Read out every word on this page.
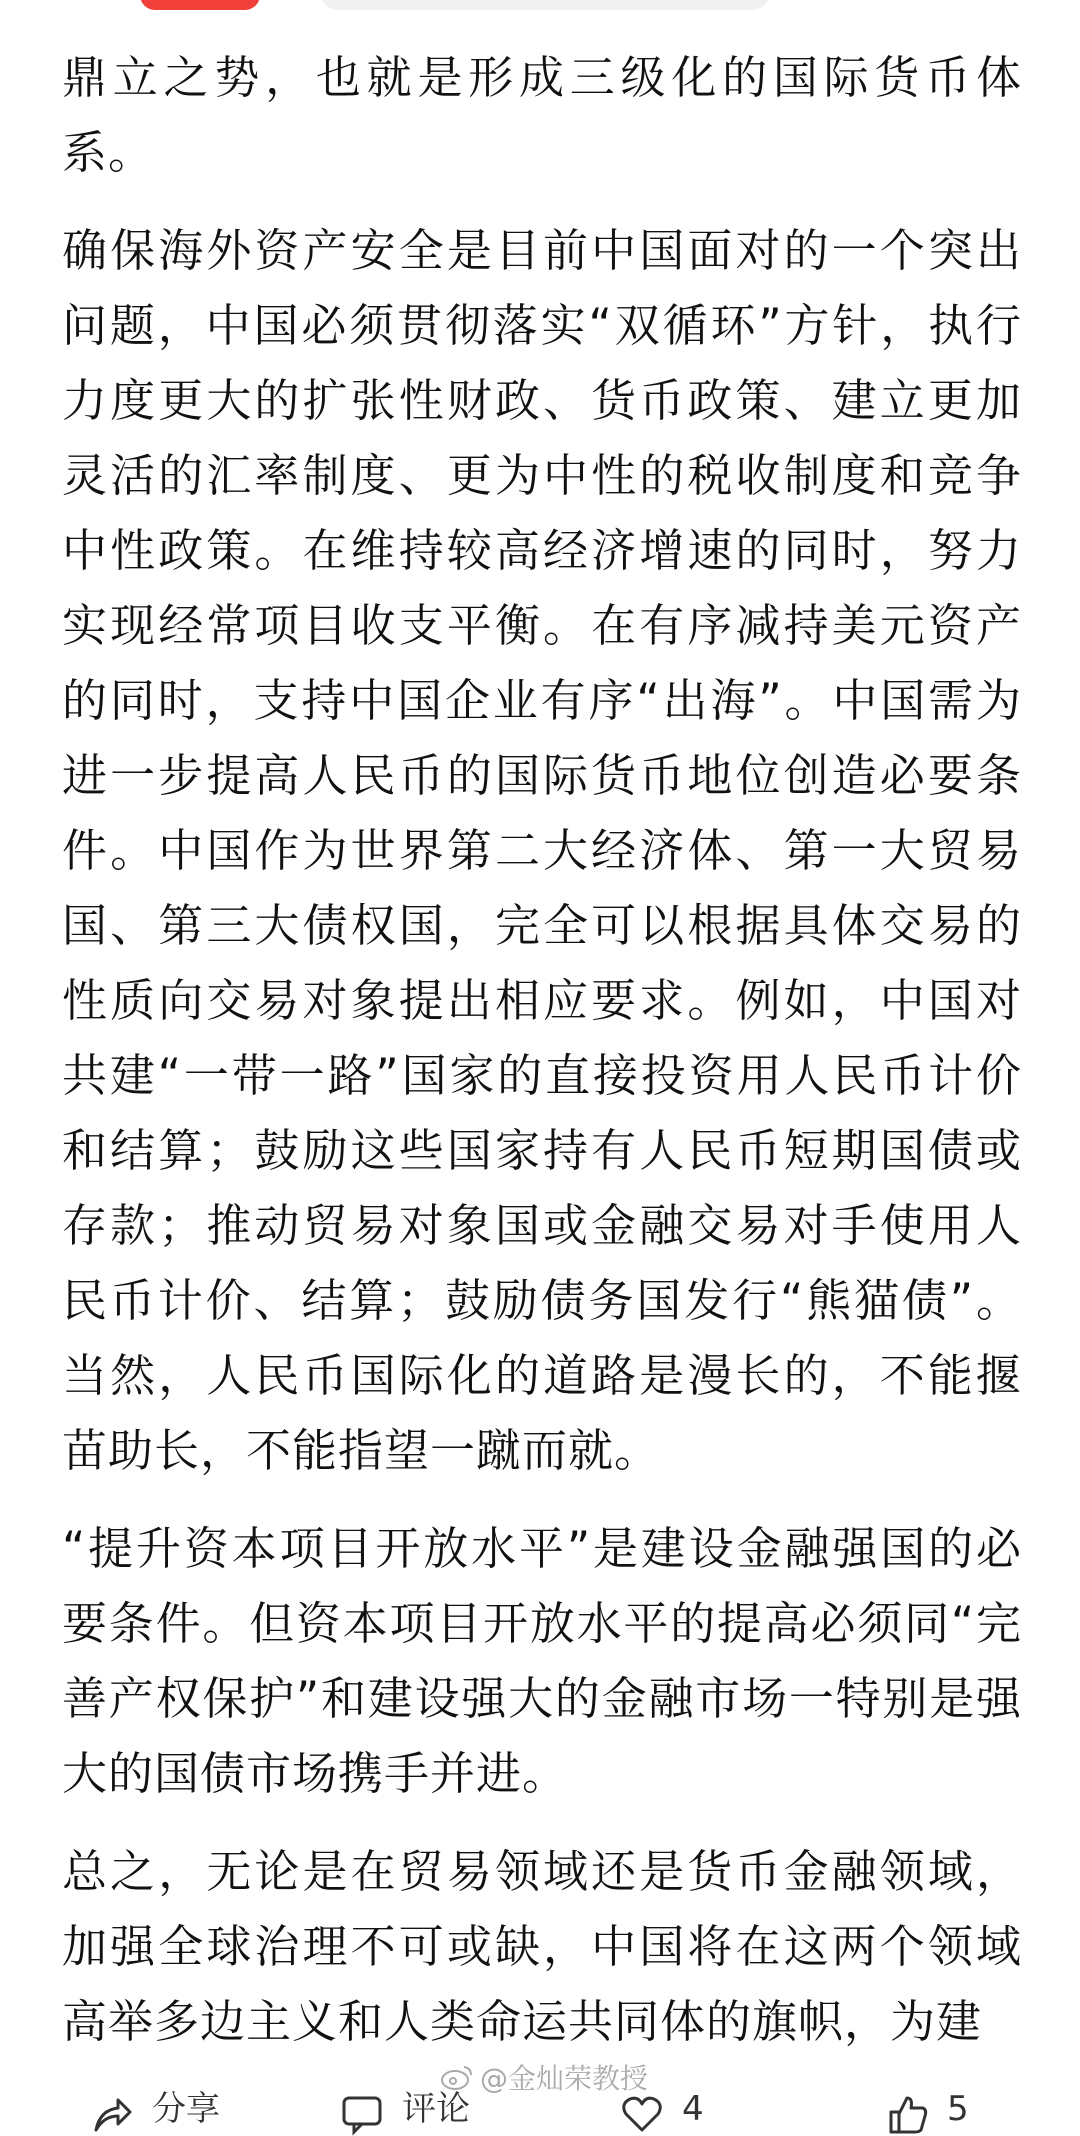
鼎立之势，也就是形成三级化的国际货币体系。

确保海外资产安全是目前中国面对的一个突出问题，中国必须贯彻落实“双循环”方针，执行力度更大的扩张性财政、货币政策、建立更加灵活的汇率制度、更为中性的税收制度和竞争中性政策。在维持较高经济增速的同时，努力实现经常项目收支平衡。在有序减持美元资产的同时，支持中国企业有序“出海”。中国需为进一步提高人民币的国际货币地位创造必要条件。中国作为世界第二大经济体、第一大贸易国、第三大债权国，完全可以根据具体交易的性质向交易对象提出相应要求。例如，中国对共建“一带一路”国家的直接投资用人民币计价和结算；鼓励这些国家持有人民币短期国债或存款；推动贸易对象国或金融交易对手使用人民币计价、结算；鼓励债务国发行“熊猫债”。当然，人民币国际化的道路是漫长的，不能揠苗助长，不能指望一蹴而就。

“提升资本项目开放水平”是建设金融强国的必要条件。但资本项目开放水平的提高必须同“完善产权保护”和建设强大的金融市场一特别是强大的国债市场携手并进。

总之，无论是在贸易领域还是货币金融领域，加强全球治理不可或缺，中国将在这两个领域高举多边主义和人类命运共同体的旗帜，为建

@金灿荣教授
分享	评论	4	5
